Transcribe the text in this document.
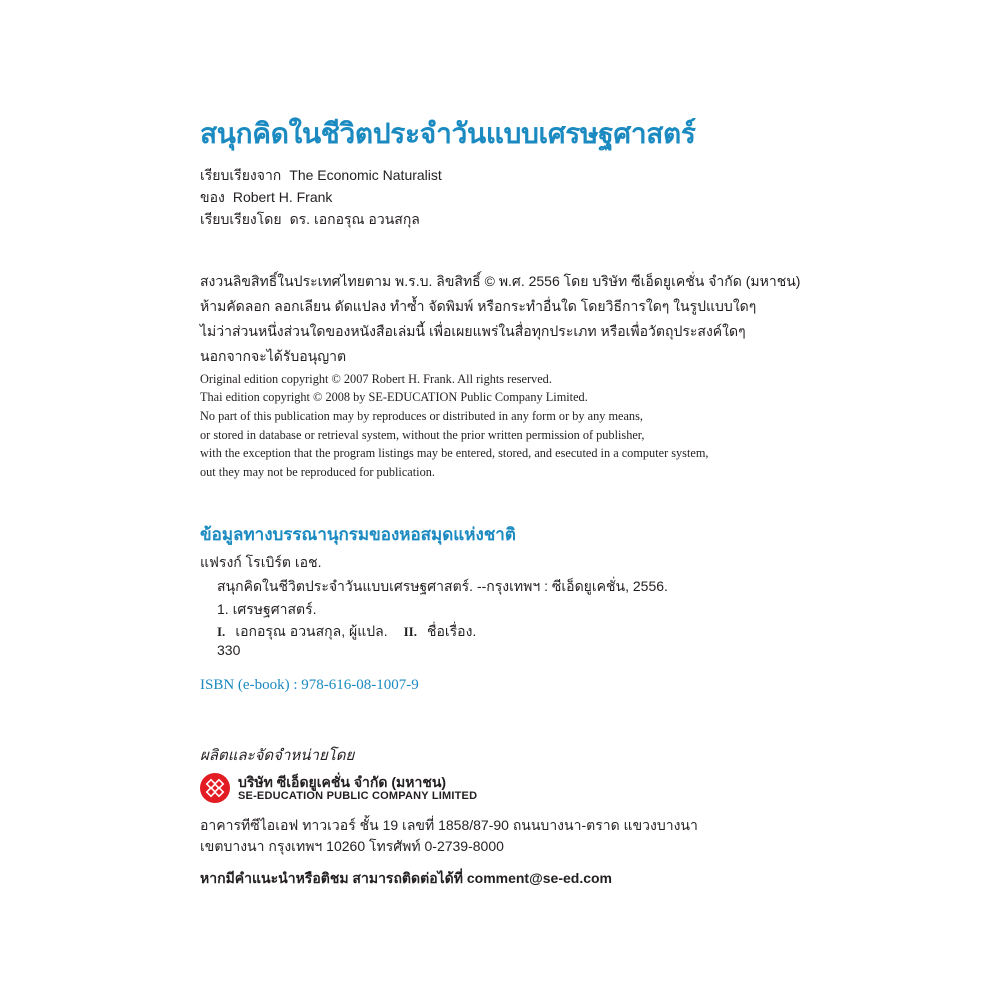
สนุกคิดในชีวิตประจำวันแบบเศรษฐศาสตร์
เรียบเรียงจาก The Economic Naturalist
ของ Robert H. Frank
เรียบเรียงโดย ดร. เอกอรุณ อวนสกุล
สงวนลิขสิทธิ์ในประเทศไทยตาม พ.ร.บ. ลิขสิทธิ์ © พ.ศ. 2556 โดย บริษัท ซีเอ็ดยูเคชั่น จำกัด (มหาชน)
ห้ามคัดลอก ลอกเลียน ดัดแปลง ทำซ้ำ จัดพิมพ์ หรือกระทำอื่นใด โดยวิธีการใดๆ ในรูปแบบใดๆ
ไม่ว่าส่วนหนึ่งส่วนใดของหนังสือเล่มนี้ เพื่อเผยแพร่ในสื่อทุกประเภท หรือเพื่อวัตถุประสงค์ใดๆ
นอกจากจะได้รับอนุญาต
Original edition copyright © 2007 Robert H. Frank. All rights reserved.
Thai edition copyright © 2008 by SE-EDUCATION Public Company Limited.
No part of this publication may by reproduces or distributed in any form or by any means,
or stored in database or retrieval system, without the prior written permission of publisher,
with the exception that the program listings may be entered, stored, and esecuted in a computer system,
out they may not be reproduced for publication.
ข้อมูลทางบรรณานุกรมของหอสมุดแห่งชาติ
แฟรงก์ โรเบิร์ต เอช.
สนุกคิดในชีวิตประจำวันแบบเศรษฐศาสตร์. --กรุงเทพฯ : ซีเอ็ดยูเคชั่น, 2556.
1. เศรษฐศาสตร์.
I. เอกอรุณ อวนสกุล, ผู้แปล. II. ชื่อเรื่อง.
330
ISBN (e-book) : 978-616-08-1007-9
ผลิตและจัดจำหน่ายโดย
บริษัท ซีเอ็ดยูเคชั่น จำกัด (มหาชน)
SE-EDUCATION PUBLIC COMPANY LIMITED
อาคารทีซีไอเอฟ ทาวเวอร์ ชั้น 19 เลขที่ 1858/87-90 ถนนบางนา-ตราด แขวงบางนา
เขตบางนา กรุงเทพฯ 10260 โทรศัพท์ 0-2739-8000
หากมีคำแนะนำหรือติชม สามารถติดต่อได้ที่ comment@se-ed.com
